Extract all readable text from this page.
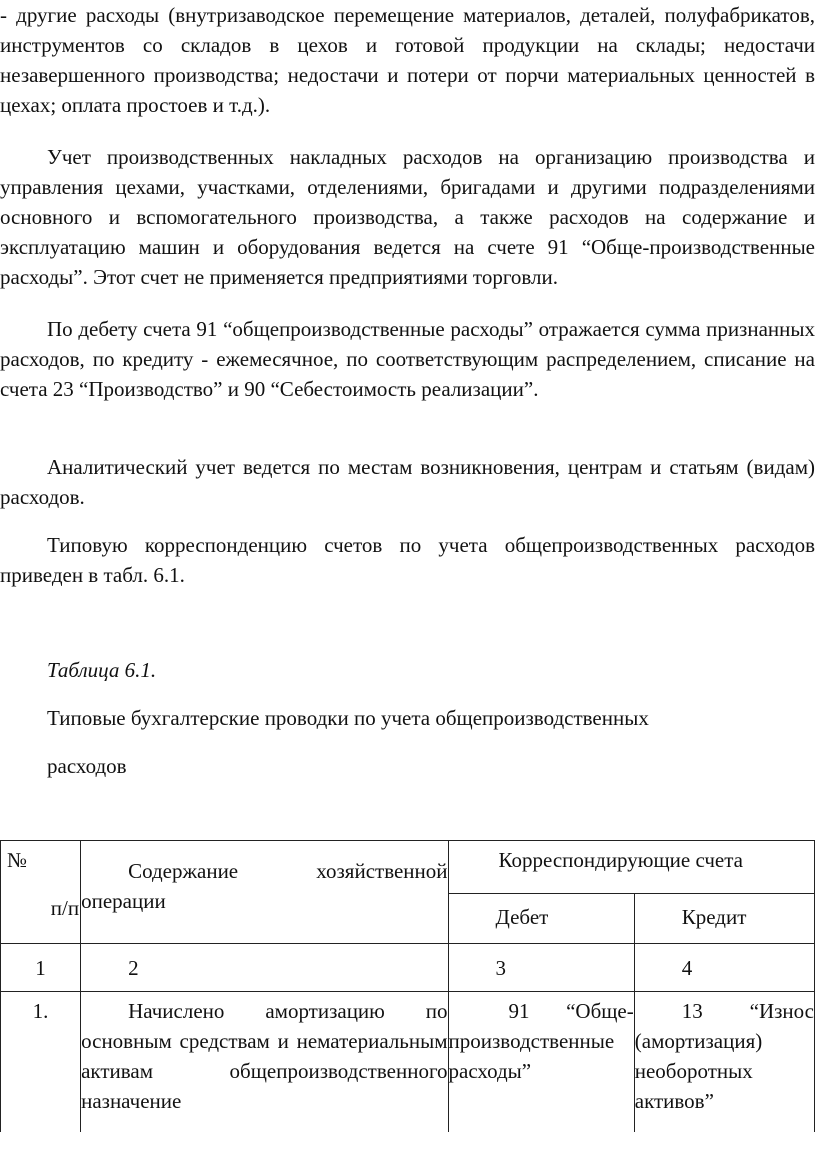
- другие расходы (внутризаводское перемещение материалов, деталей, полуфабрикатов, инструментов со складов в цехов и готовой продукции на склады; недостачи незавершенного производства; недостачи и потери от порчи материальных ценностей в цехах; оплата простоев и т.д.).

Учет производственных накладных расходов на организацию производства и управления цехами, участками, отделениями, бригадами и другими подразделениями основного и вспомогательного производства, а также расходов на содержание и эксплуатацию машин и оборудования ведется на счете 91 “Обще-производственные расходы”. Этот счет не применяется предприятиями торговли.

По дебету счета 91 “общепроизводственные расходы” отражается сумма признанных расходов, по кредиту - ежемесячное, по соответствующим распределением, списание на счета 23 “Производство” и 90 “Себестоимость реализации”.

Аналитический учет ведется по местам возникновения, центрам и статьям (видам) расходов.

Типовую корреспонденцию счетов по учета общепроизводственных расходов приведен в табл. 6.1.

Таблица 6.1.

Типовые бухгалтерские проводки по учета общепроизводственных

расходов

№
п/п	Содержание хозяйственной операции	Корреспондирующие счета	
		Дебет	Кредит
1	2	3	4
1.	Начислено амортизацию по основным средствам и нематериальным активам общепроизводственного назначение	91 “Обще-производственные расходы”	13 “Износ (амортизация) необоротных активов”
